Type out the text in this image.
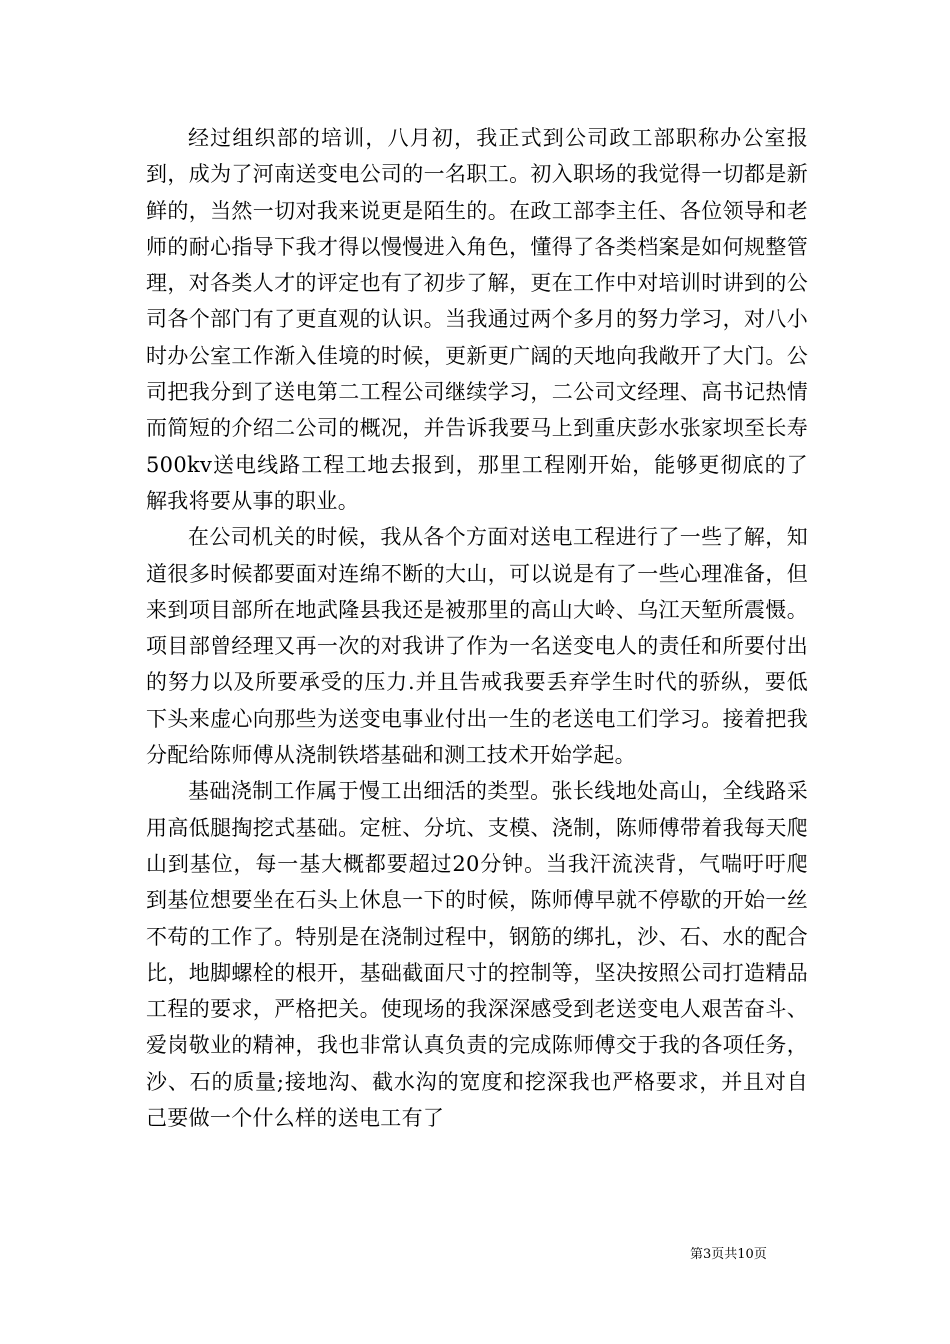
经过组织部的培训，八月初，我正式到公司政工部职称办公室报到，成为了河南送变电公司的一名职工。初入职场的我觉得一切都是新鲜的，当然一切对我来说更是陌生的。在政工部李主任、各位领导和老师的耐心指导下我才得以慢慢进入角色，懂得了各类档案是如何规整管理，对各类人才的评定也有了初步了解，更在工作中对培训时讲到的公司各个部门有了更直观的认识。当我通过两个多月的努力学习，对八小时办公室工作渐入佳境的时候，更新更广阔的天地向我敞开了大门。公司把我分到了送电第二工程公司继续学习，二公司文经理、高书记热情而简短的介绍二公司的概况，并告诉我要马上到重庆彭水张家坝至长寿500kv送电线路工程工地去报到，那里工程刚开始，能够更彻底的了解我将要从事的职业。

在公司机关的时候，我从各个方面对送电工程进行了一些了解，知道很多时候都要面对连绵不断的大山，可以说是有了一些心理准备，但来到项目部所在地武隆县我还是被那里的高山大岭、乌江天堑所震慑。项目部曾经理又再一次的对我讲了作为一名送变电人的责任和所要付出的努力以及所要承受的压力.并且告戒我要丢弃学生时代的骄纵，要低下头来虚心向那些为送变电事业付出一生的老送电工们学习。接着把我分配给陈师傅从浇制铁塔基础和测工技术开始学起。

基础浇制工作属于慢工出细活的类型。张长线地处高山，全线路采用高低腿掏挖式基础。定桩、分坑、支模、浇制，陈师傅带着我每天爬山到基位，每一基大概都要超过20分钟。当我汗流浃背，气喘吁吁爬到基位想要坐在石头上休息一下的时候，陈师傅早就不停歇的开始一丝不苟的工作了。特别是在浇制过程中，钢筋的绑扎，沙、石、水的配合比，地脚螺栓的根开，基础截面尺寸的控制等，坚决按照公司打造精品工程的要求，严格把关。使现场的我深深感受到老送变电人艰苦奋斗、爱岗敬业的精神，我也非常认真负责的完成陈师傅交于我的各项任务，沙、石的质量;接地沟、截水沟的宽度和挖深我也严格要求，并且对自己要做一个什么样的送电工有了

第3页共10页
